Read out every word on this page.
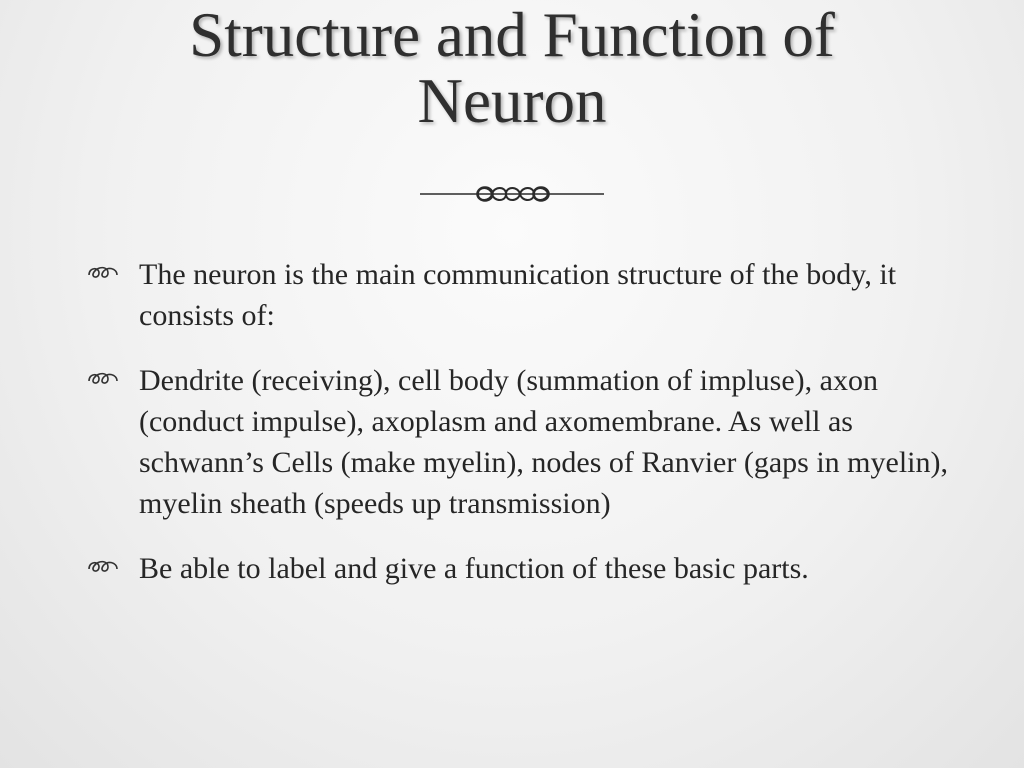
Structure and Function of
Neuron
The neuron is the main communication structure of the body, it consists of:
Dendrite (receiving), cell body (summation of impluse), axon (conduct impulse), axoplasm and axomembrane. As well as schwann’s Cells (make myelin), nodes of Ranvier (gaps in myelin), myelin sheath (speeds up transmission)
Be able to label and give a function of these basic parts.
